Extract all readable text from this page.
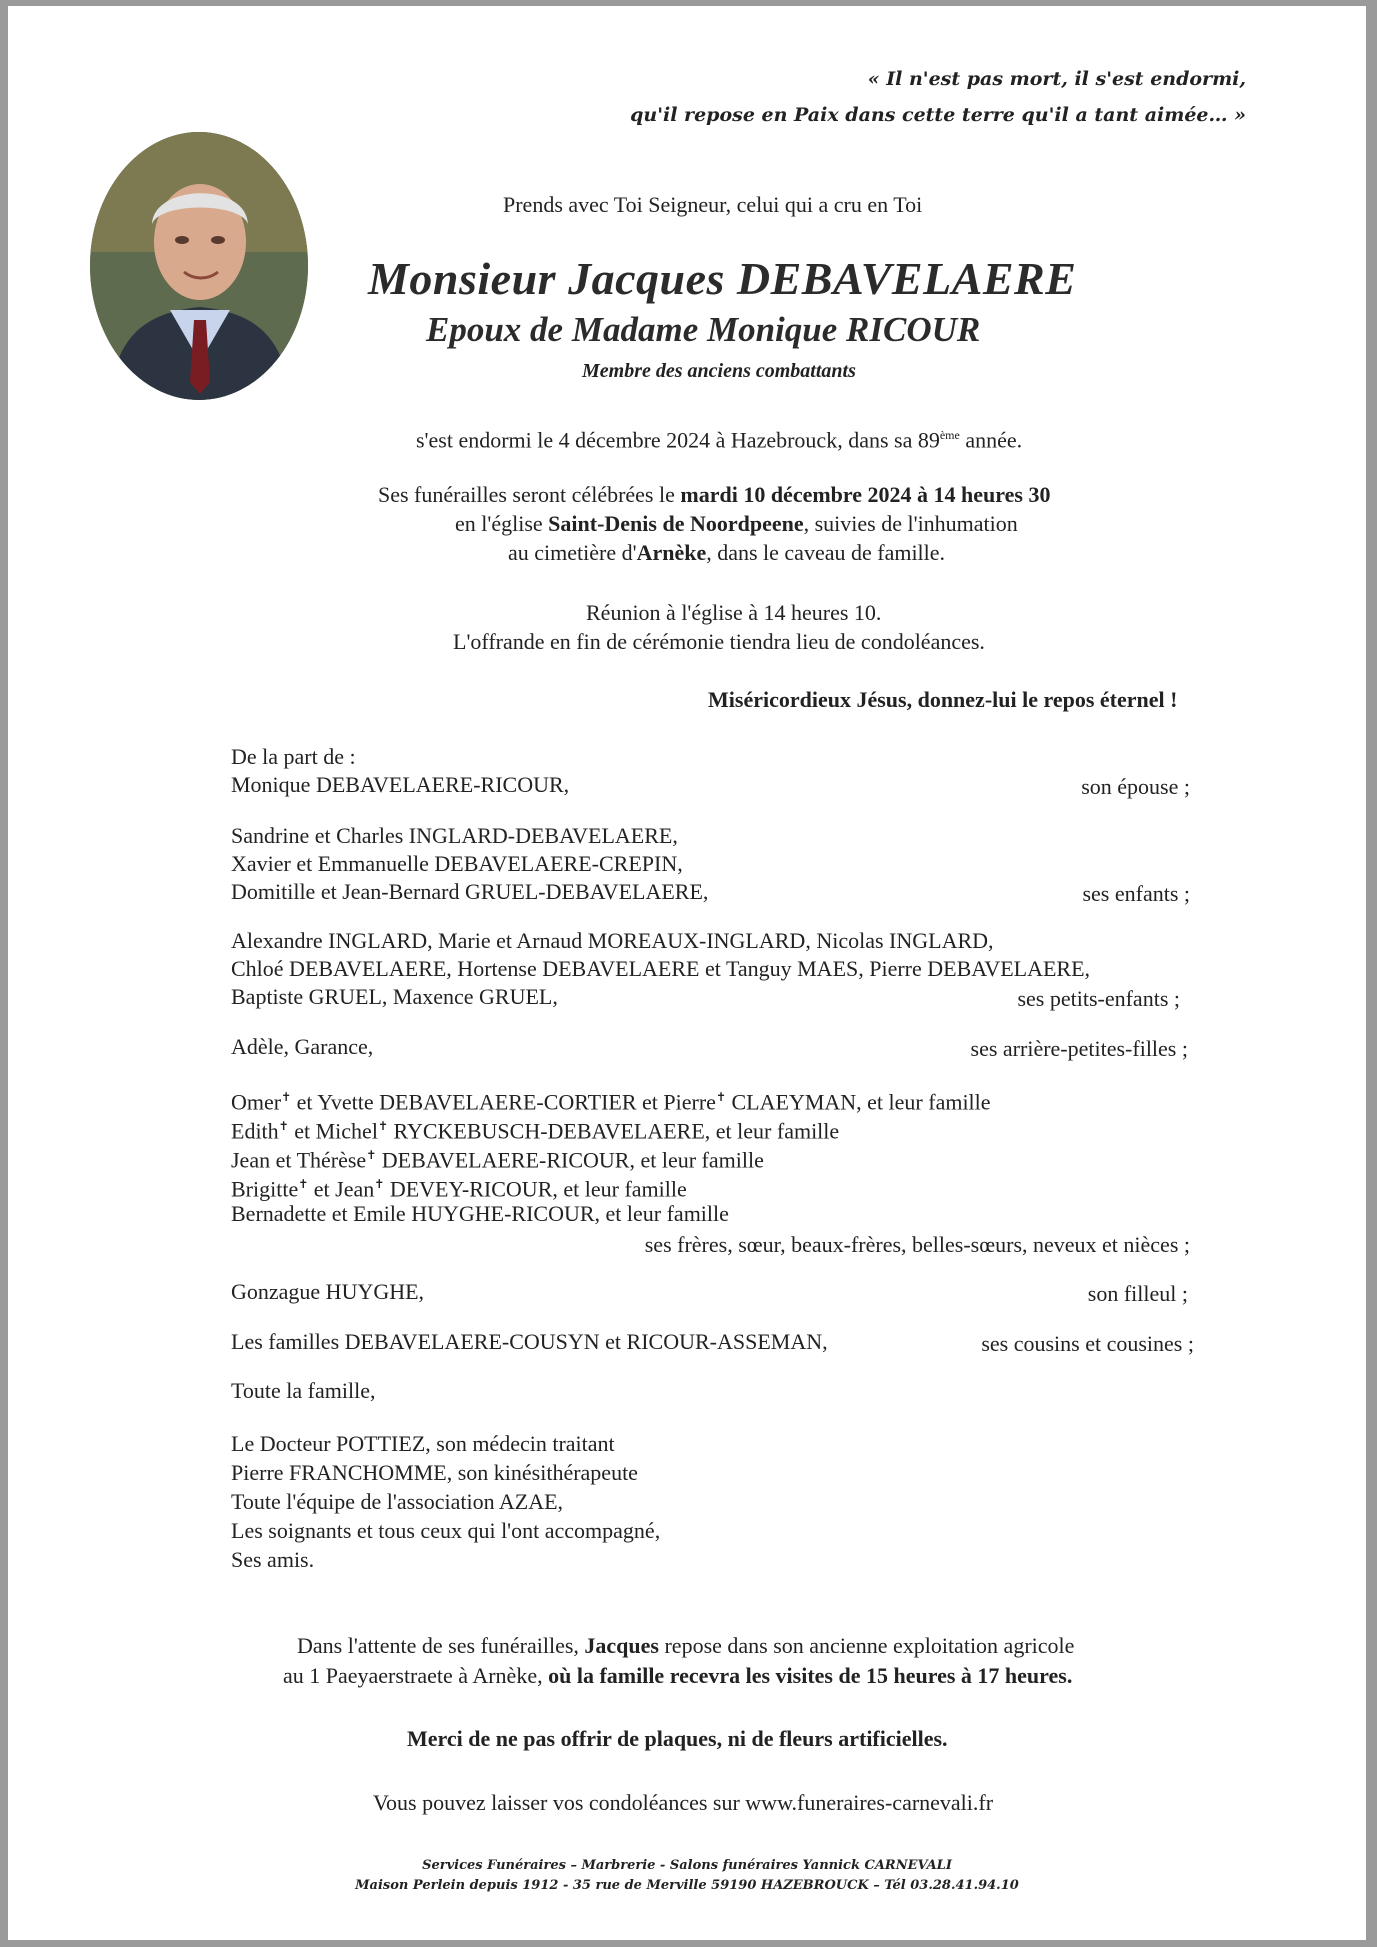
« Il n'est pas mort, il s'est endormi,
qu'il repose en Paix dans cette terre qu'il a tant aimée… »
Prends avec Toi Seigneur, celui qui a cru en Toi
Monsieur Jacques DEBAVELAERE
Epoux de Madame Monique RICOUR
Membre des anciens combattants
s'est endormi le 4 décembre 2024 à Hazebrouck, dans sa 89ème année.
Ses funérailles seront célébrées le mardi 10 décembre 2024 à 14 heures 30
en l'église Saint-Denis de Noordpeene, suivies de l'inhumation
au cimetière d'Arnèke, dans le caveau de famille.
Réunion à l'église à 14 heures 10.
L'offrande en fin de cérémonie tiendra lieu de condoléances.
Miséricordieux Jésus, donnez-lui le repos éternel !
De la part de :
Monique DEBAVELAERE-RICOUR,	son épouse ;
Sandrine et Charles INGLARD-DEBAVELAERE,
Xavier et Emmanuelle DEBAVELAERE-CREPIN,
Domitille et Jean-Bernard GRUEL-DEBAVELAERE,	ses enfants ;
Alexandre INGLARD, Marie et Arnaud MOREAUX-INGLARD, Nicolas INGLARD,
Chloé DEBAVELAERE, Hortense DEBAVELAERE et Tanguy MAES, Pierre DEBAVELAERE,
Baptiste GRUEL, Maxence GRUEL,	ses petits-enfants ;
Adèle, Garance,	ses arrière-petites-filles ;
Omer✝ et Yvette DEBAVELAERE-CORTIER et Pierre✝ CLAEYMAN, et leur famille
Edith✝ et Michel✝ RYCKEBUSCH-DEBAVELAERE, et leur famille
Jean et Thérèse✝ DEBAVELAERE-RICOUR, et leur famille
Brigitte✝ et Jean✝ DEVEY-RICOUR, et leur famille
Bernadette et Emile HUYGHE-RICOUR, et leur famille
ses frères, sœur, beaux-frères, belles-sœurs, neveux et nièces ;
Gonzague HUYGHE,	son filleul ;
Les familles DEBAVELAERE-COUSYN et RICOUR-ASSEMAN,	ses cousins et cousines ;
Toute la famille,
Le Docteur POTTIEZ, son médecin traitant
Pierre FRANCHOMME, son kinésithérapeute
Toute l'équipe de l'association AZAE,
Les soignants et tous ceux qui l'ont accompagné,
Ses amis.
Dans l'attente de ses funérailles, Jacques repose dans son ancienne exploitation agricole
au 1 Paeyaerstraete à Arnèke, où la famille recevra les visites de 15 heures à 17 heures.
Merci de ne pas offrir de plaques, ni de fleurs artificielles.
Vous pouvez laisser vos condoléances sur www.funeraires-carnevali.fr
Services Funéraires – Marbrerie - Salons funéraires Yannick CARNEVALI
Maison Perlein depuis 1912 - 35 rue de Merville 59190 HAZEBROUCK – Tél 03.28.41.94.10
